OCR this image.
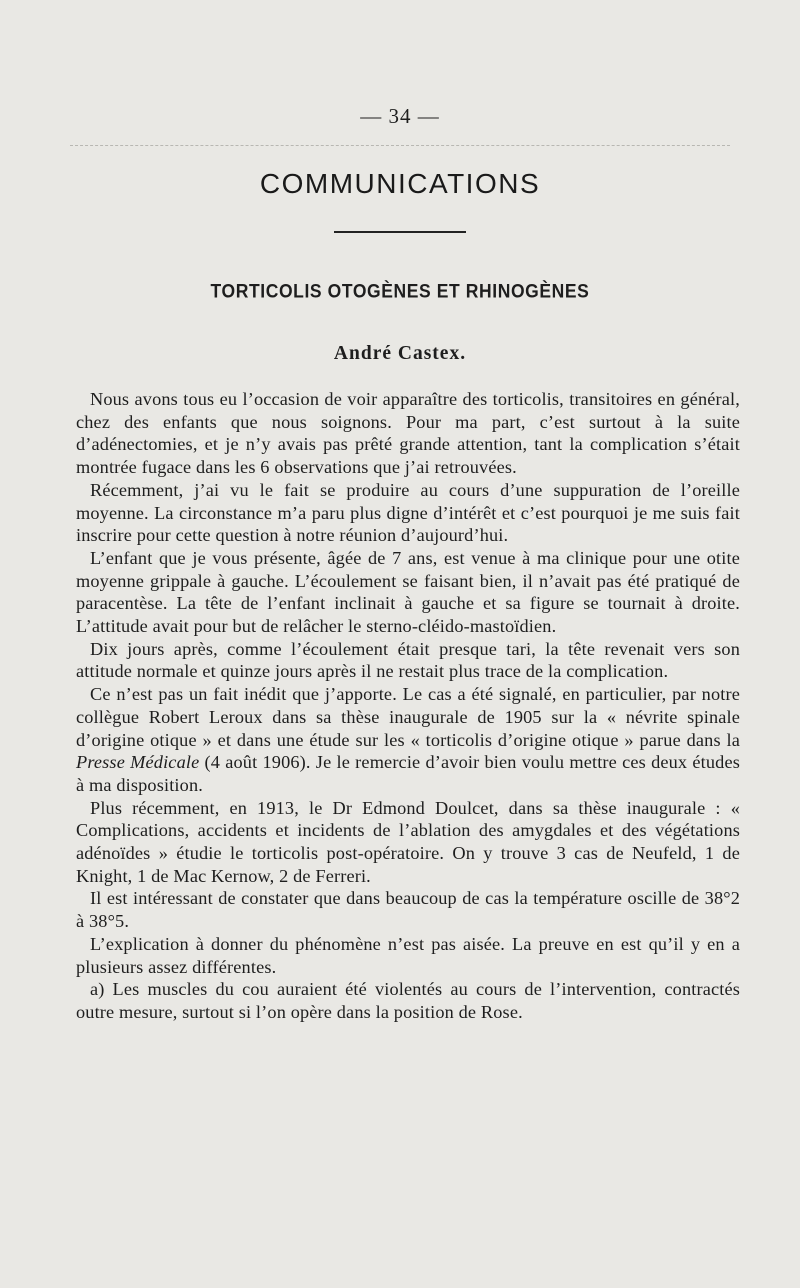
— 34 —
COMMUNICATIONS
TORTICOLIS OTOGÈNES ET RHINOGÈNES
André Castex.

Nous avons tous eu l’occasion de voir apparaître des torticolis, transitoires en général, chez des enfants que nous soignons. Pour ma part, c’est surtout à la suite d’adénectomies, et je n’y avais pas prêté grande attention, tant la complication s’était montrée fugace dans les 6 observations que j’ai retrouvées.

Récemment, j’ai vu le fait se produire au cours d’une suppuration de l’oreille moyenne. La circonstance m’a paru plus digne d’intérêt et c’est pourquoi je me suis fait inscrire pour cette question à notre réunion d’aujourd’hui.

L’enfant que je vous présente, âgée de 7 ans, est venue à ma clinique pour une otite moyenne grippale à gauche. L’écoulement se faisant bien, il n’avait pas été pratiqué de paracentèse. La tête de l’enfant inclinait à gauche et sa figure se tournait à droite. L’attitude avait pour but de relâcher le sterno-cléido-mastoïdien.

Dix jours après, comme l’écoulement était presque tari, la tête revenait vers son attitude normale et quinze jours après il ne restait plus trace de la complication.

Ce n’est pas un fait inédit que j’apporte. Le cas a été signalé, en particulier, par notre collègue Robert Leroux dans sa thèse inaugurale de 1905 sur la « névrite spinale d’origine otique » et dans une étude sur les « torticolis d’origine otique » parue dans la Presse Médicale (4 août 1906). Je le remercie d’avoir bien voulu mettre ces deux études à ma disposition.

Plus récemment, en 1913, le Dr Edmond Doulcet, dans sa thèse inaugurale : « Complications, accidents et incidents de l’ablation des amygdales et des végétations adénoïdes » étudie le torticolis post-opératoire. On y trouve 3 cas de Neufeld, 1 de Knight, 1 de Mac Kernow, 2 de Ferreri.

Il est intéressant de constater que dans beaucoup de cas la température oscille de 38°2 à 38°5.

L’explication à donner du phénomène n’est pas aisée. La preuve en est qu’il y en a plusieurs assez différentes.

a) Les muscles du cou auraient été violentés au cours de l’intervention, contractés outre mesure, surtout si l’on opère dans la position de Rose.
